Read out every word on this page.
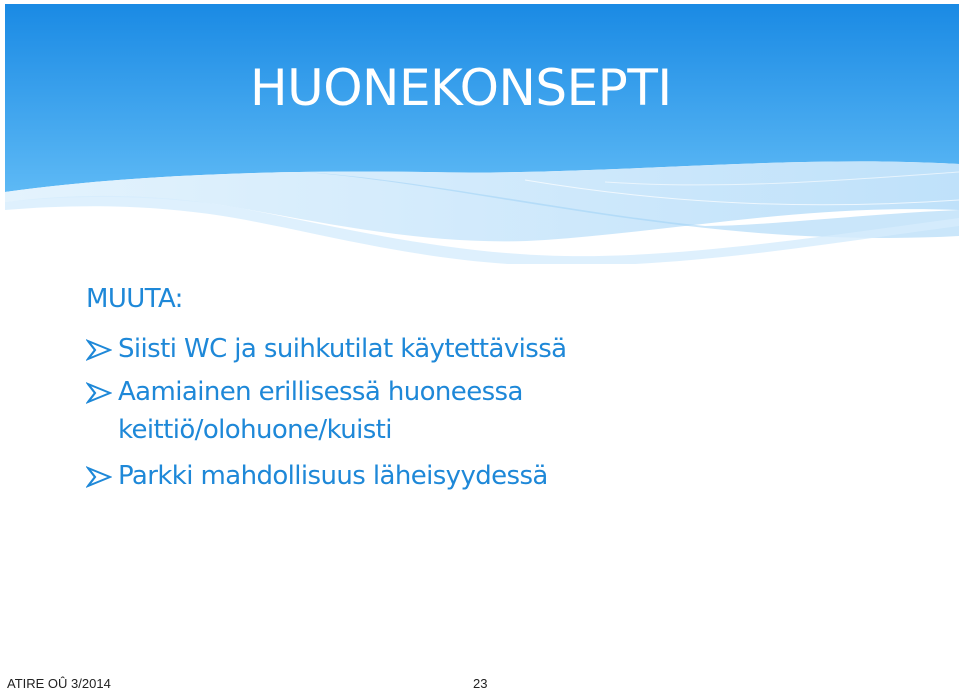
HUONEKONSEPTI

MUUTA:

Siisti WC ja suihkutilat käytettävissä
Aamiainen erillisessä huoneessa
keittiö/olohuone/kuisti
Parkki mahdollisuus läheisyydessä
ATIRE OÛ 3/2014	23
